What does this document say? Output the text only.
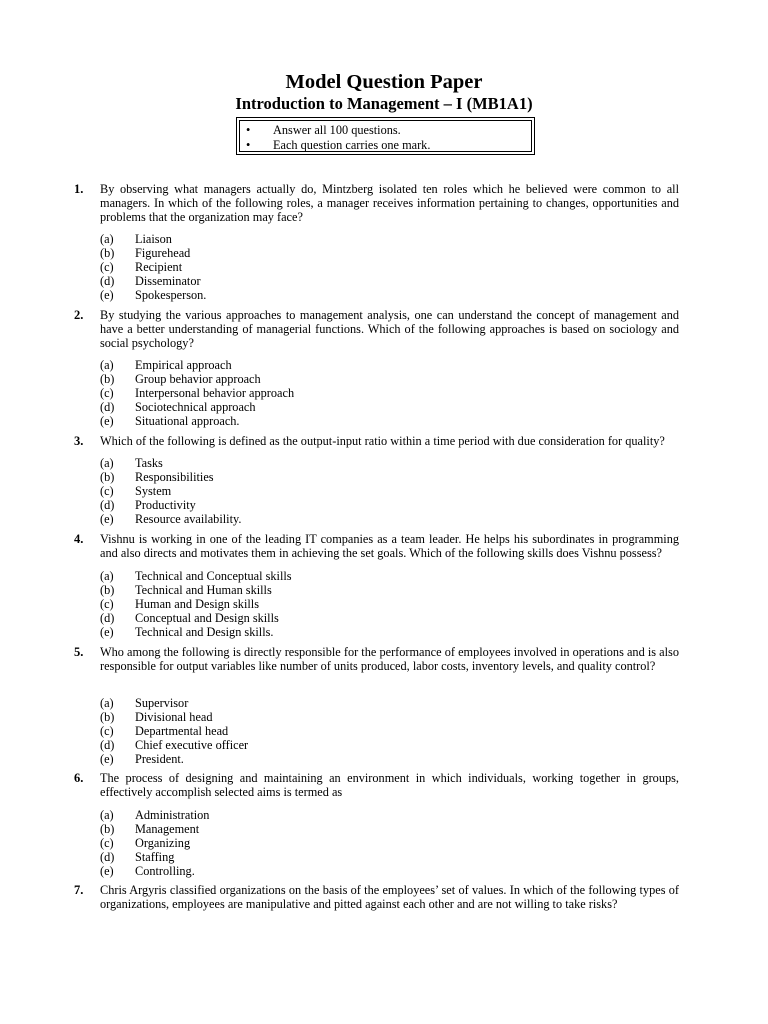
Model Question Paper
Introduction to Management – I (MB1A1)
• Answer all 100 questions.
• Each question carries one mark.
1. By observing what managers actually do, Mintzberg isolated ten roles which he believed were common to all managers. In which of the following roles, a manager receives information pertaining to changes, opportunities and problems that the organization may face?
(a) Liaison
(b) Figurehead
(c) Recipient
(d) Disseminator
(e) Spokesperson.
2. By studying the various approaches to management analysis, one can understand the concept of management and have a better understanding of managerial functions. Which of the following approaches is based on sociology and social psychology?
(a) Empirical approach
(b) Group behavior approach
(c) Interpersonal behavior approach
(d) Sociotechnical approach
(e) Situational approach.
3. Which of the following is defined as the output-input ratio within a time period with due consideration for quality?
(a) Tasks
(b) Responsibilities
(c) System
(d) Productivity
(e) Resource availability.
4. Vishnu is working in one of the leading IT companies as a team leader. He helps his subordinates in programming and also directs and motivates them in achieving the set goals. Which of the following skills does Vishnu possess?
(a) Technical and Conceptual skills
(b) Technical and Human skills
(c) Human and Design skills
(d) Conceptual and Design skills
(e) Technical and Design skills.
5. Who among the following is directly responsible for the performance of employees involved in operations and is also responsible for output variables like number of units produced, labor costs, inventory levels, and quality control?
(a) Supervisor
(b) Divisional head
(c) Departmental head
(d) Chief executive officer
(e) President.
6. The process of designing and maintaining an environment in which individuals, working together in groups, effectively accomplish selected aims is termed as
(a) Administration
(b) Management
(c) Organizing
(d) Staffing
(e) Controlling.
7. Chris Argyris classified organizations on the basis of the employees’ set of values. In which of the following types of organizations, employees are manipulative and pitted against each other and are not willing to take risks?
